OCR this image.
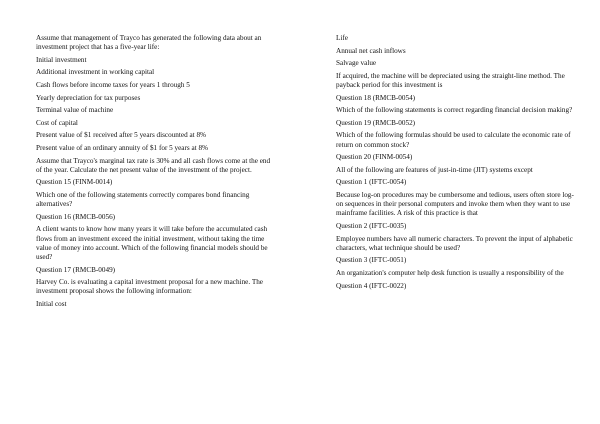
Assume that management of Trayco has generated the following data about an investment project that has a five-year life:

Initial investment

Additional investment in working capital

Cash flows before income taxes for years 1 through 5

Yearly depreciation for tax purposes

Terminal value of machine

Cost of capital

Present value of $1 received after 5 years discounted at 8%

Present value of an ordinary annuity of $1 for 5 years at 8%

Assume that Trayco's marginal tax rate is 30% and all cash flows come at the end of the year. Calculate the net present value of the investment of the project.

Question 15 (FINM-0014)

Which one of the following statements correctly compares bond financing alternatives?

Question 16 (RMCB-0056)

A client wants to know how many years it will take before the accumulated cash flows from an investment exceed the initial investment, without taking the time value of money into account. Which of the following financial models should be used?

Question 17 (RMCB-0049)

Harvey Co. is evaluating a capital investment proposal for a new machine. The investment proposal shows the following information:

Initial cost

Life

Annual net cash inflows

Salvage value

If acquired, the machine will be depreciated using the straight-line method. The payback period for this investment is

Question 18 (RMCB-0054)

Which of the following statements is correct regarding financial decision making?

Question 19 (RMCB-0052)

Which of the following formulas should be used to calculate the economic rate of return on common stock?

Question 20 (FINM-0054)

All of the following are features of just-in-time (JIT) systems except

Question 1 (IFTC-0054)

Because log-on procedures may be cumbersome and tedious, users often store log-on sequences in their personal computers and invoke them when they want to use mainframe facilities. A risk of this practice is that

Question 2 (IFTC-0035)

Employee numbers have all numeric characters. To prevent the input of alphabetic characters, what technique should be used?

Question 3 (IFTC-0051)

An organization's computer help desk function is usually a responsibility of the

Question 4 (IFTC-0022)
